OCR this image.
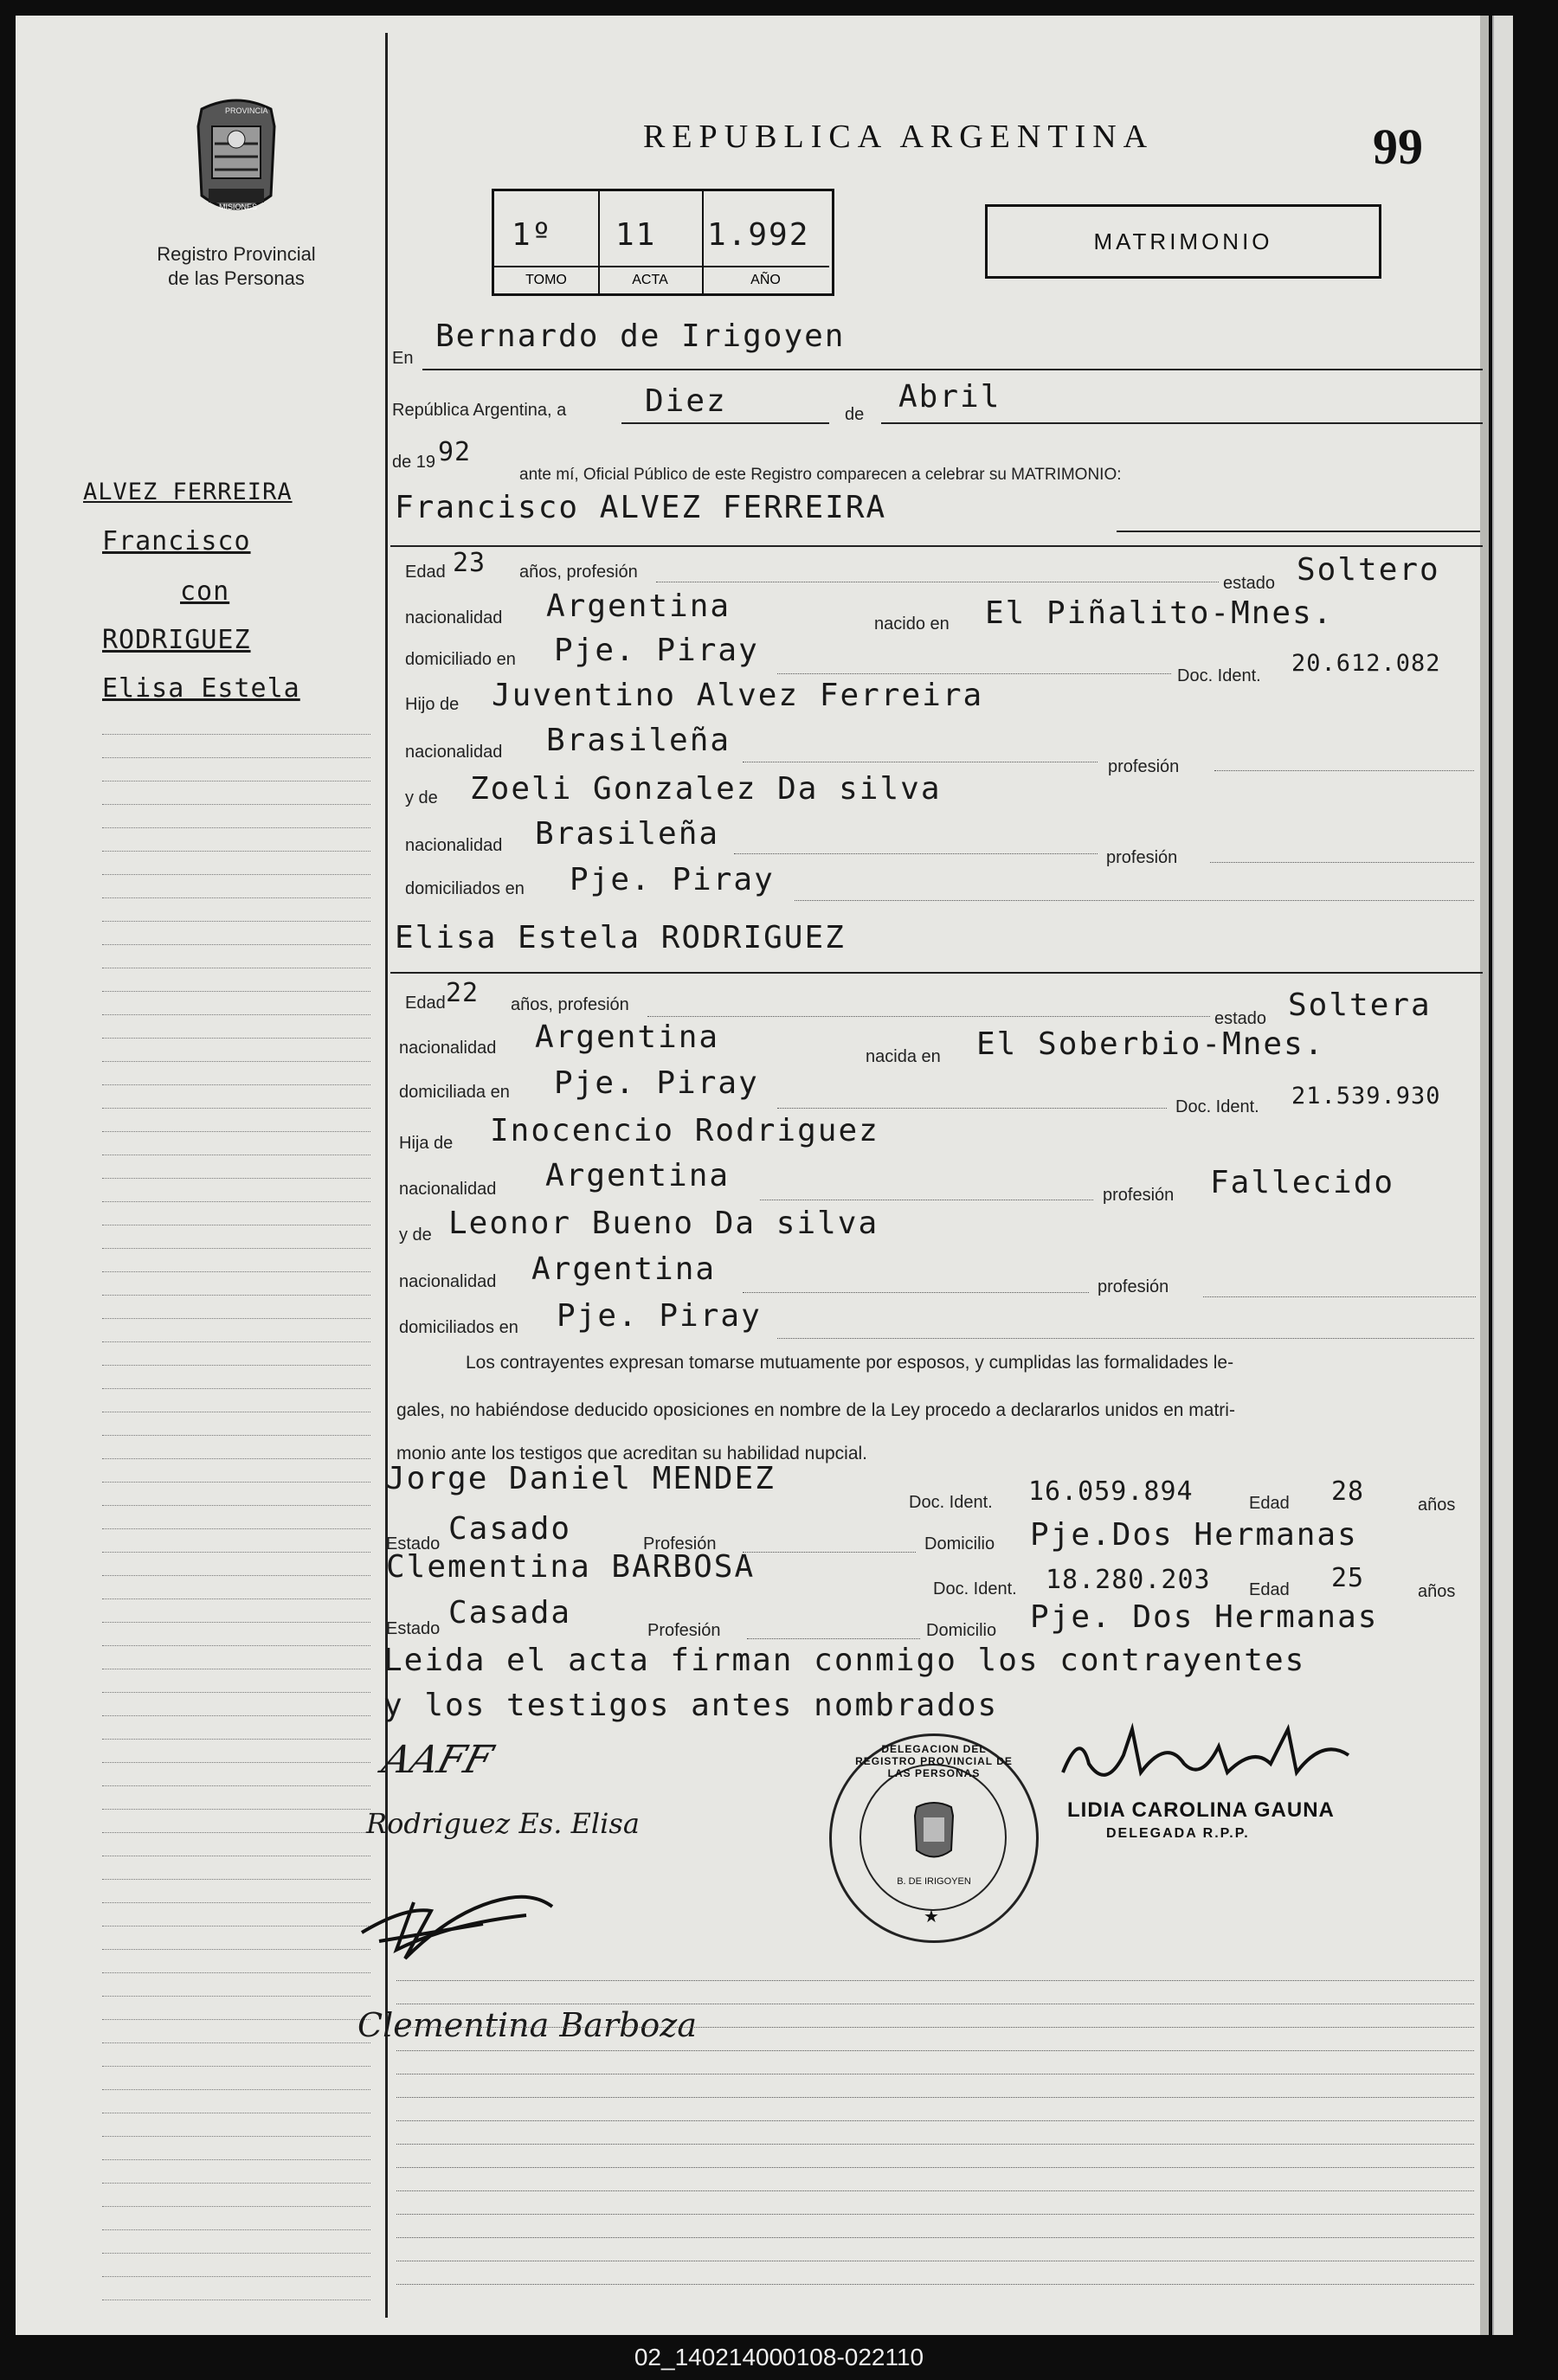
PROVINCIA
MISIONES
Registro Provincial
de las Personas
REPUBLICA ARGENTINA	99
1º
TOMO
11
ACTA
1.992
AÑO
MATRIMONIO
ALVEZ FERREIRA
Francisco
con
RODRIGUEZ
Elisa Estela
En
Bernardo de Irigoyen
República Argentina, a	Diez	de Abril
de 19 92
ante mí, Oficial Público de este Registro comparecen a celebrar su MATRIMONIO:
Francisco ALVEZ FERREIRA
Edad 23 años, profesión
estado Soltero
nacionalidad Argentina	nacido en El Piñalito-Mnes.
domiciliado en Pje. Piray
Doc. Ident. 20.612.082
Hijo de Juventino Alvez Ferreira
nacionalidad Brasileña
profesión
y de Zoeli Gonzalez Da silva
nacionalidad Brasileña
profesión
domiciliados en Pje. Piray
Elisa Estela RODRIGUEZ
Edad 22 años, profesión
estado Soltera
nacionalidad Argentina
nacida en El Soberbio-Mnes.
domiciliada en Pje. Piray
Doc. Ident. 21.539.930
Hija de Inocencio Rodriguez
nacionalidad Argentina
profesión Fallecido
y de Leonor Bueno Da silva
nacionalidad Argentina	profesión
domiciliados en Pje. Piray
Los contrayentes expresan tomarse mutuamente por esposos, y cumplidas las formalidades le-
gales, no habiéndose deducido oposiciones en nombre de la Ley procedo a declararlos unidos en matri-
monio ante los testigos que acreditan su habilidad nupcial.
Jorge Daniel MENDEZ
Doc. Ident. 16.059.894	Edad 28	años
Estado Casado	Profesión	Domicilio Pje.Dos Hermanas
Clementina BARBOSA
Doc. Ident. 18.280.203 Edad 25	años
Estado Casada	Profesión	Domicilio Pje. Dos Hermanas
Leida el acta firman conmigo los contrayentes
y los testigos antes nombrados
AAFF
Rodriguez Es. Elisa
Clementina Barboza
DELEGACION DEL REGISTRO PROVINCIAL DE LAS PERSONAS
B. DE IRIGOYEN
★
LIDIA CAROLINA GAUNA
DELEGADA R.P.P.
02_140214000108-022110
